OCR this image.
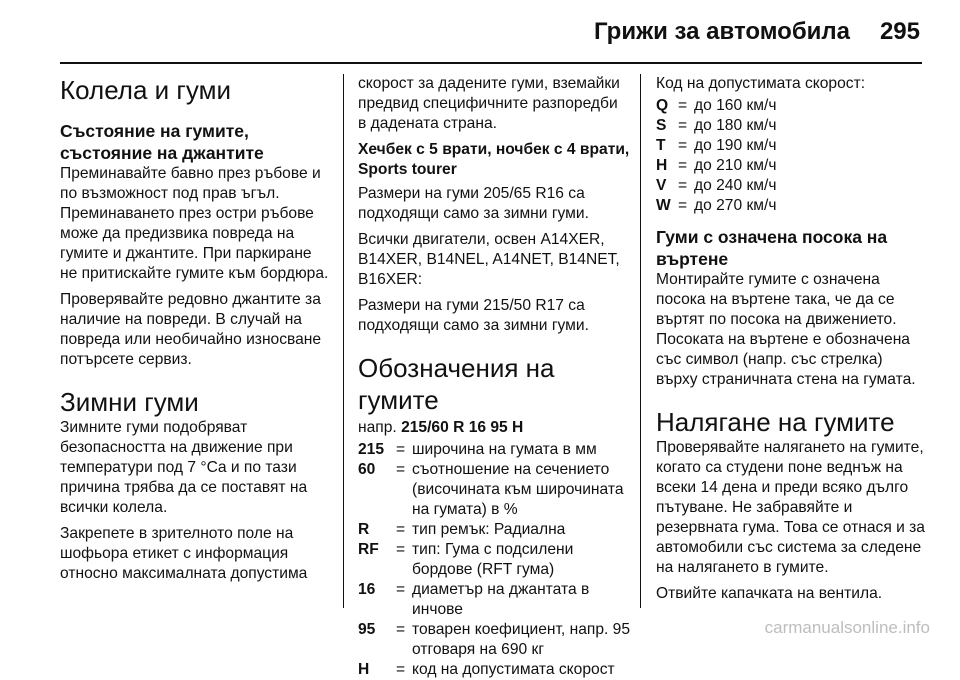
Грижи за автомобила 295
Колела и гуми
Състояние на гумите, състояние на джантите
Преминавайте бавно през ръбове и по възможност под прав ъгъл. Преминаването през остри ръбове може да предизвика повреда на гумите и джантите. При паркиране не притискайте гумите към бордюра.
Проверявайте редовно джантите за наличие на повреди. В случай на повреда или необичайно износване потърсете сервиз.
Зимни гуми
Зимните гуми подобряват безопасността на движение при температури под 7 °Ca и по тази причина трябва да се поставят на всички колела.
Закрепете в зрителното поле на шофьора етикет с информация относно максималната допустима
скорост за дадените гуми, вземайки предвид специфичните разпоредби в дадената страна.
Хечбек с 5 врати, ночбек с 4 врати, Sports tourer
Размери на гуми 205/65 R16 са подходящи само за зимни гуми.
Всички двигатели, освен A14XER, B14XER, B14NEL, A14NET, B14NET, B16XER:
Размери на гуми 215/50 R17 са подходящи само за зимни гуми.
Обозначения на гумите
напр. 215/60 R 16 95 H
215 = широчина на гумата в мм
60	= съотношение на сечението (височината към широчината на гумата) в %
R	= тип ремък: Радиална
RF	= тип: Гума с подсилени бордове (RFT гума)
16	= диаметър на джантата в инчове
95	= товарен коефициент, напр. 95 отговаря на 690 кг
H	= код на допустимата скорост
Код на допустимата скорост:
Q = до 160 км/ч
S = до 180 км/ч
T = до 190 км/ч
H = до 210 км/ч
V = до 240 км/ч
W = до 270 км/ч
Гуми с означена посока на въртене
Монтирайте гумите с означена посока на въртене така, че да се въртят по посока на движението. Посоката на въртене е обозначена със символ (напр. със стрелка) върху страничната стена на гумата.
Налягане на гумите
Проверявайте налягането на гумите, когато са студени поне веднъж на всеки 14 дена и преди всяко дълго пътуване. Не забравяйте и резервната гума. Това се отнася и за автомобили със система за следене на налягането в гумите.
Отвийте капачката на вентила.
carmanualsonline.info
